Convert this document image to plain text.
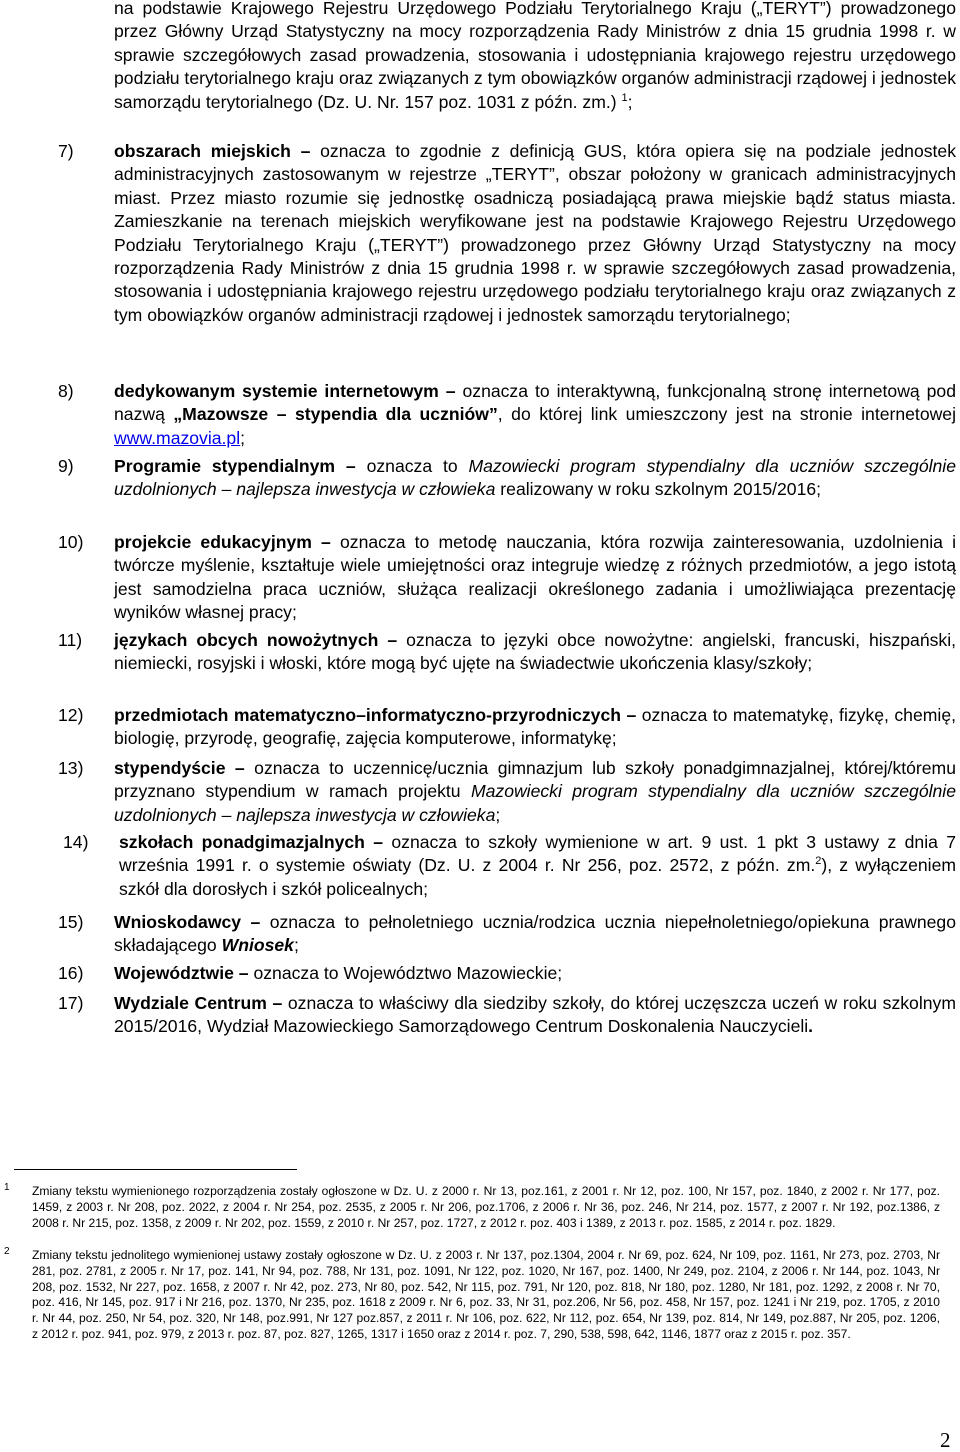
na podstawie Krajowego Rejestru Urzędowego Podziału Terytorialnego Kraju („TERYT”) prowadzonego przez Główny Urząd Statystyczny na mocy rozporządzenia Rady Ministrów z dnia 15 grudnia 1998 r. w sprawie szczegółowych zasad prowadzenia, stosowania i udostępniania krajowego rejestru urzędowego podziału terytorialnego kraju oraz związanych z tym obowiązków organów administracji rządowej i jednostek samorządu terytorialnego (Dz. U. Nr. 157 poz. 1031 z późn. zm.) $^1$;

7) obszarach miejskich – oznacza to zgodnie z definicją GUS, która opiera się na podziale jednostek administracyjnych zastosowanym w rejestrze „TERYT”, obszar położony w granicach administracyjnych miast. Przez miasto rozumie się jednostkę osadniczą posiadającą prawa miejskie bądź status miasta. Zamieszkanie na terenach miejskich weryfikowane jest na podstawie Krajowego Rejestru Urzędowego Podziału Terytorialnego Kraju („TERYT”) prowadzonego przez Główny Urząd Statystyczny na mocy rozporządzenia Rady Ministrów z dnia 15 grudnia 1998 r. w sprawie szczegółowych zasad prowadzenia, stosowania i udostępniania krajowego rejestru urzędowego podziału terytorialnego kraju oraz związanych z tym obowiązków organów administracji rządowej i jednostek samorządu terytorialnego;

8) dedykowanym systemie internetowym – oznacza to interaktywną, funkcjonalną stronę internetową pod nazwą „Mazowsze – stypendia dla uczniów”, do której link umieszczony jest na stronie internetowej www.mazovia.pl;

9) Programie stypendialnym – oznacza to Mazowiecki program stypendialny dla uczniów szczególnie uzdolnionych – najlepsza inwestycja w człowieka realizowany w roku szkolnym 2015/2016;

10) projekcie edukacyjnym – oznacza to metodę nauczania, która rozwija zainteresowania, uzdolnienia i twórcze myślenie, kształtuje wiele umiejętności oraz integruje wiedzę z różnych przedmiotów, a jego istotą jest samodzielna praca uczniów, służąca realizacji określonego zadania i umożliwiająca prezentację wyników własnej pracy;

11) językach obcych nowożytnych – oznacza to języki obce nowożytne: angielski, francuski, hiszpański, niemiecki, rosyjski i włoski, które mogą być ujęte na świadectwie ukończenia klasy/szkoły;

12) przedmiotach matematyczno–informatyczno-przyrodniczych – oznacza to matematykę, fizykę, chemię, biologię, przyrodę, geografię, zajęcia komputerowe, informatykę;

13) stypendyście – oznacza to uczennicę/ucznia gimnazjum lub szkoły ponadgimnazjalnej, której/któremu przyznano stypendium w ramach projektu Mazowiecki program stypendialny dla uczniów szczególnie uzdolnionych – najlepsza inwestycja w człowieka;

14) szkołach ponadgimazjalnych – oznacza to szkoły wymienione w art. 9 ust. 1 pkt 3 ustawy z dnia 7 września 1991 r. o systemie oświaty (Dz. U. z 2004 r. Nr 256, poz. 2572, z późn. zm.$^2$), z wyłączeniem szkół dla dorosłych i szkół policealnych;

15) Wnioskodawcy – oznacza to pełnoletniego ucznia/rodzica ucznia niepełnoletniego/opiekuna prawnego składającego Wniosek;

16) Województwie – oznacza to Województwo Mazowieckie;

17) Wydziale Centrum – oznacza to właściwy dla siedziby szkoły, do której uczęszcza uczeń w roku szkolnym 2015/2016, Wydział Mazowieckiego Samorządowego Centrum Doskonalenia Nauczycieli.

1 Zmiany tekstu wymienionego rozporządzenia zostały ogłoszone w Dz. U. z 2000 r. Nr 13, poz.161, z 2001 r. Nr 12, poz. 100, Nr 157, poz. 1840, z 2002 r. Nr 177, poz. 1459, z 2003 r. Nr 208, poz. 2022, z 2004 r. Nr 254, poz. 2535, z 2005 r. Nr 206, poz.1706, z 2006 r. Nr 36, poz. 246, Nr 214, poz. 1577, z 2007 r. Nr 192, poz.1386, z 2008 r. Nr 215, poz. 1358, z 2009 r. Nr 202, poz. 1559, z 2010 r. Nr 257, poz. 1727, z 2012 r. poz. 403 i 1389, z 2013 r. poz. 1585, z 2014 r. poz. 1829.

2 Zmiany tekstu jednolitego wymienionej ustawy zostały ogłoszone w Dz. U. z 2003 r. Nr 137, poz.1304, 2004 r. Nr 69, poz. 624, Nr 109, poz. 1161, Nr 273, poz. 2703, Nr 281, poz. 2781, z 2005 r. Nr 17, poz. 141, Nr 94, poz. 788, Nr 131, poz. 1091, Nr 122, poz. 1020, Nr 167, poz. 1400, Nr 249, poz. 2104, z 2006 r. Nr 144, poz. 1043, Nr 208, poz. 1532, Nr 227, poz. 1658, z 2007 r. Nr 42, poz. 273, Nr 80, poz. 542, Nr 115, poz. 791, Nr 120, poz. 818, Nr 180, poz. 1280, Nr 181, poz. 1292, z 2008 r. Nr 70, poz. 416, Nr 145, poz. 917 i Nr 216, poz. 1370, Nr 235, poz. 1618 z 2009 r. Nr 6, poz. 33, Nr 31, poz.206, Nr 56, poz. 458, Nr 157, poz. 1241 i Nr 219, poz. 1705, z 2010 r. Nr 44, poz. 250, Nr 54, poz. 320, Nr 148, poz.991, Nr 127 poz.857, z 2011 r. Nr 106, poz. 622, Nr 112, poz. 654, Nr 139, poz. 814, Nr 149, poz.887, Nr 205, poz. 1206, z 2012 r. poz. 941, poz. 979, z 2013 r. poz. 87, poz. 827, 1265, 1317 i 1650 oraz z 2014 r. poz. 7, 290, 538, 598, 642, 1146, 1877 oraz z 2015 r. poz. 357.

2
